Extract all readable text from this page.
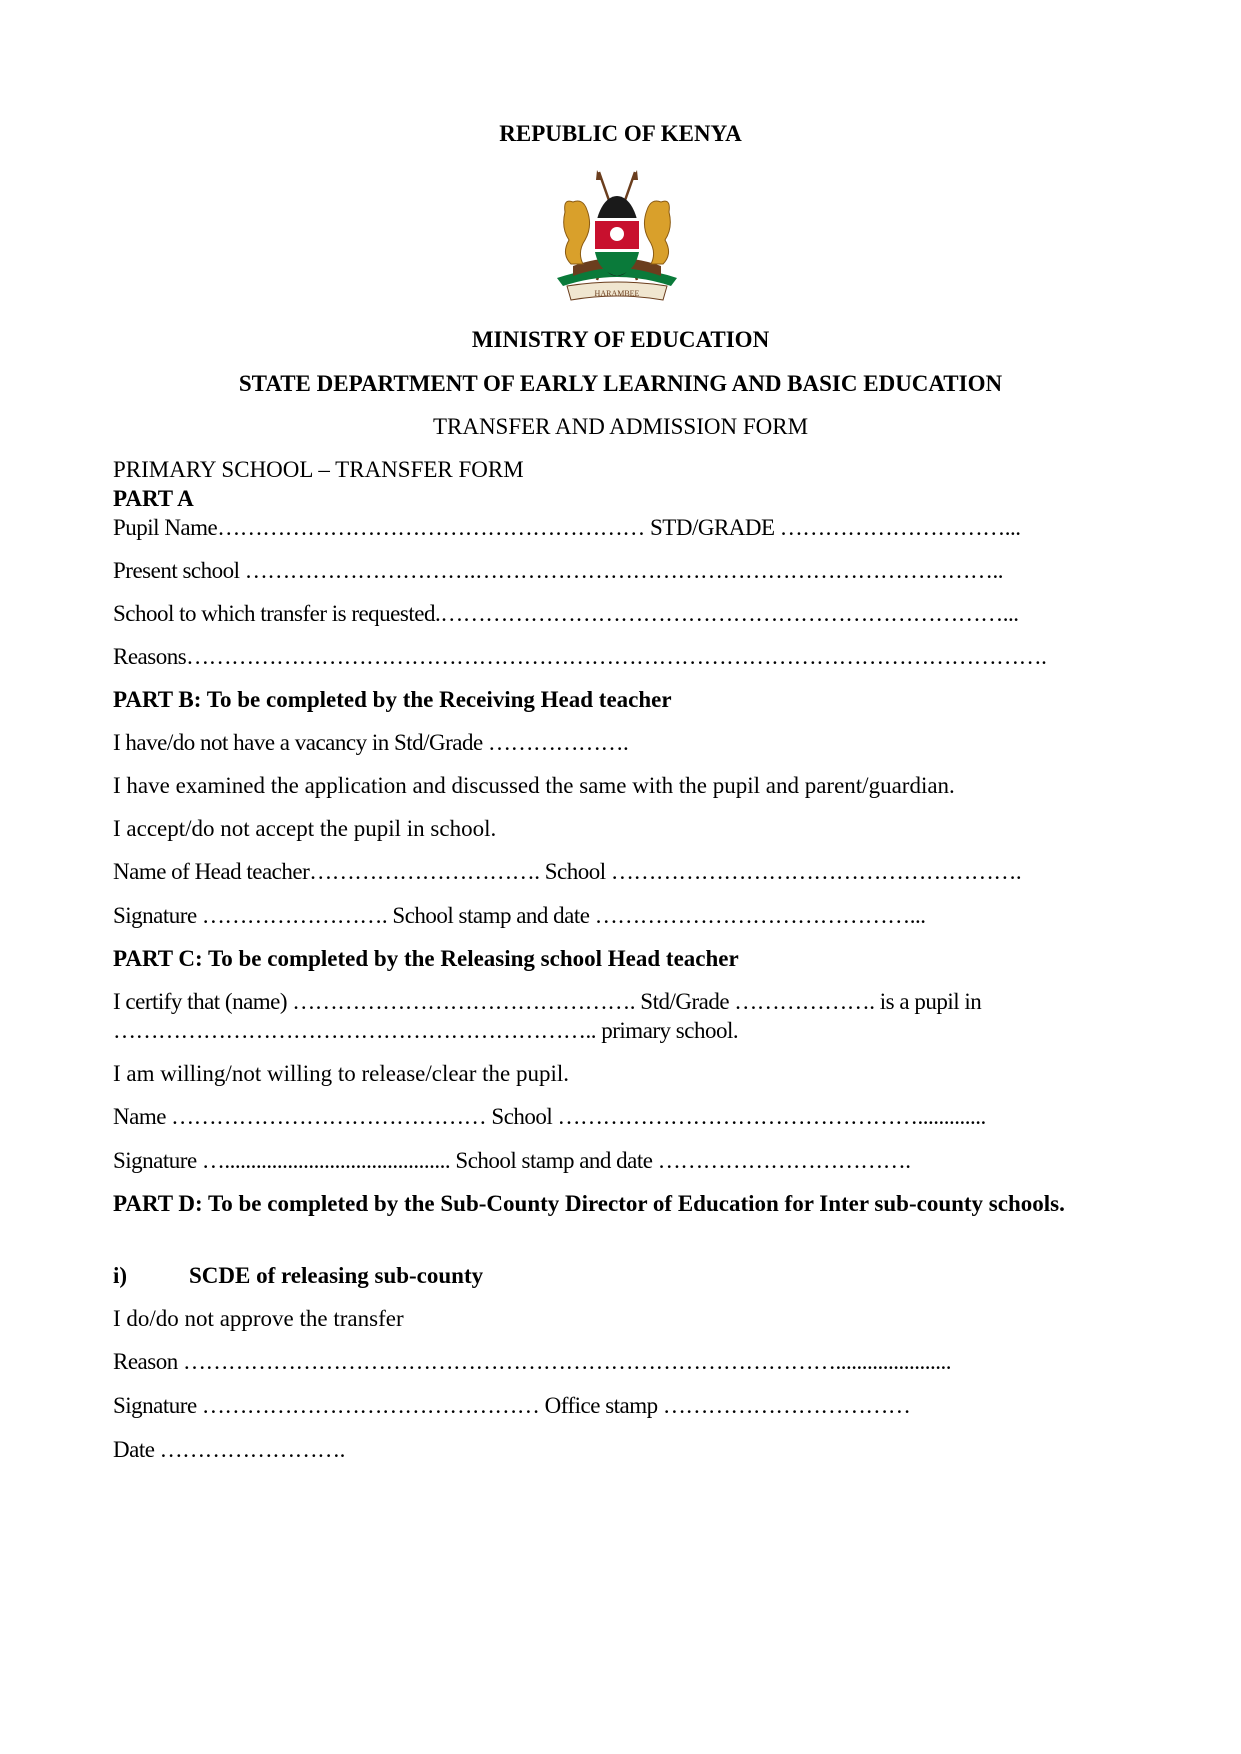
REPUBLIC OF KENYA
HARAMBEE
MINISTRY OF EDUCATION
STATE DEPARTMENT OF EARLY LEARNING AND BASIC EDUCATION
TRANSFER AND ADMISSION FORM
PRIMARY SCHOOL – TRANSFER FORM
PART A
Pupil Name………………………………………………… STD/GRADE …………………………...
Present school ………………………….……………………………………………………………..
School to which transfer is requested.…………………………………………………………………...
Reasons…………………………………………………………………………………………………….
PART B: To be completed by the Receiving Head teacher
I have/do not have a vacancy in Std/Grade ……………….
I have examined the application and discussed the same with the pupil and parent/guardian.
I accept/do not accept the pupil in school.
Name of Head teacher…………………………. School ……………………………………………….
Signature ……………………. School stamp and date ……………………………………...
PART C: To be completed by the Releasing school Head teacher
I certify that (name) ………………………………………. Std/Grade ………………. is a pupil in
……………………………………………………….. primary school.
I am willing/not willing to release/clear the pupil.
Name …………………………………… School ………………………………………….............
Signature …........................................... School stamp and date …………………………….
PART D: To be completed by the Sub-County Director of Education for Inter sub-county schools.
i)	SCDE of releasing sub-county
I do/do not approve the transfer
Reason ……………………………………………………………………………......................
Signature ……………………………………… Office stamp ……………………………
Date …………………….
